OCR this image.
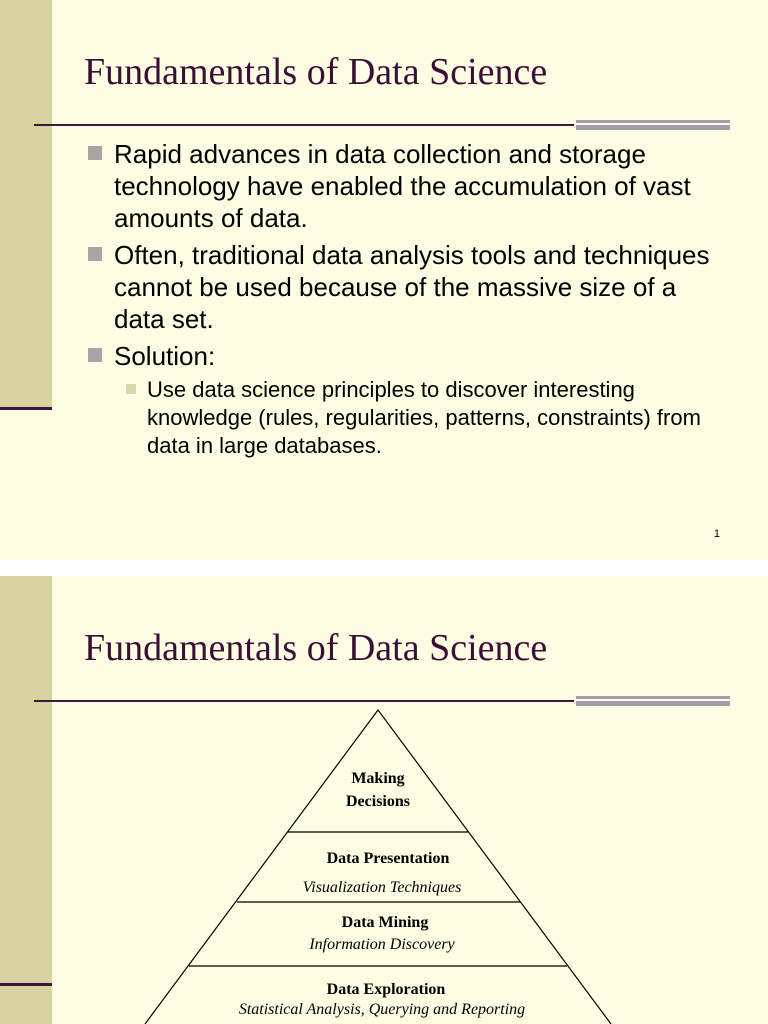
Fundamentals of Data Science
Rapid advances in data collection and storage technology have enabled the accumulation of vast amounts of data.
Often, traditional data analysis tools and techniques cannot be used because of the massive size of a data set.
Solution:
Use data science principles to discover interesting knowledge (rules, regularities, patterns, constraints) from data in large databases.
1
Fundamentals of Data Science
Making
Decisions
Data Presentation
Visualization Techniques
Data Mining
Information Discovery
Data Exploration
Statistical Analysis, Querying and Reporting
